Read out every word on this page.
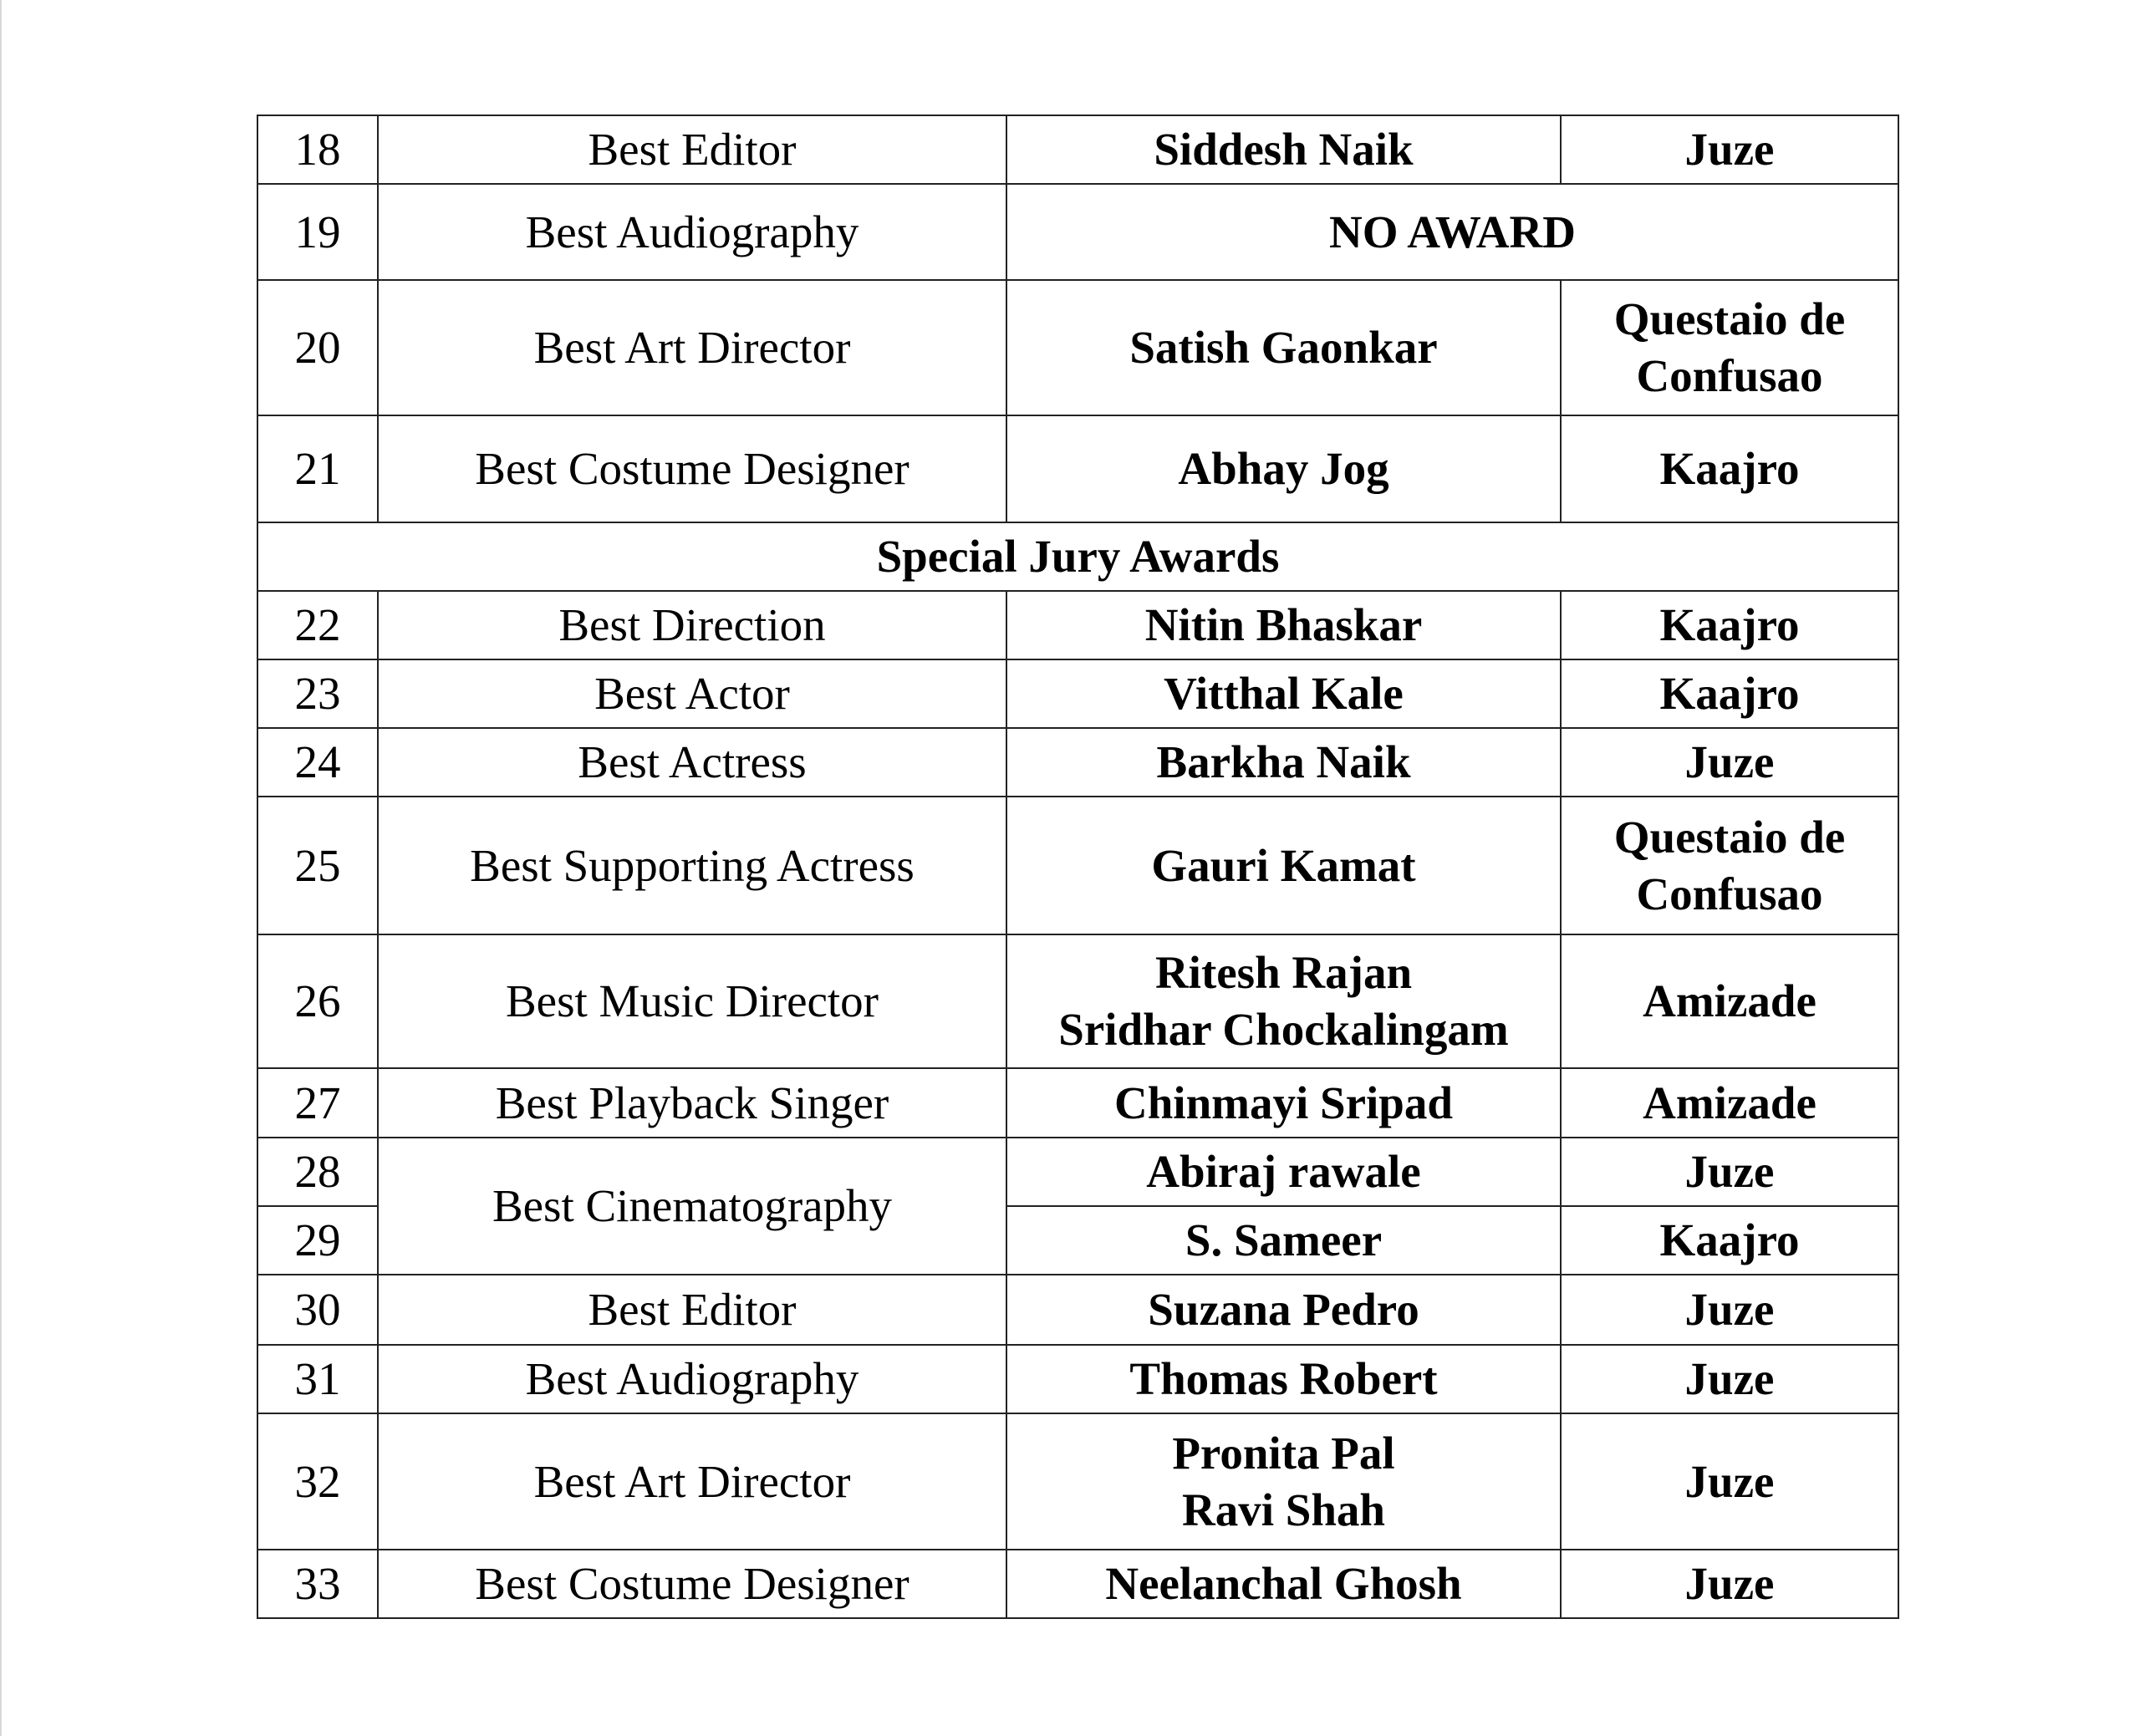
18	Best Editor	Siddesh Naik	Juze

19	Best Audiography	NO AWARD	
20	Best Art Director	Satish Gaonkar	Questaio de
Confusao

21	Best Costume Designer	Abhay Jog	Kaajro

Special Jury Awards			
22	Best Direction	Nitin Bhaskar	Kaajro

23	Best Actor	Vitthal Kale	Kaajro

24	Best Actress	Barkha Naik	Juze

25	Best Supporting Actress	Gauri Kamat	Questaio de
Confusao

26	Best Music Director	Ritesh Rajan
Sridhar Chockalingam	Amizade

27	Best Playback Singer	Chinmayi Sripad	Amizade

28	Best Cinematography	Abiraj rawale	Juze

29		S. Sameer	Kaajro

30	Best Editor	Suzana Pedro	Juze

31	Best Audiography	Thomas Robert	Juze

32	Best Art Director	Pronita Pal
Ravi Shah	Juze

33	Best Costume Designer	Neelanchal Ghosh	Juze
